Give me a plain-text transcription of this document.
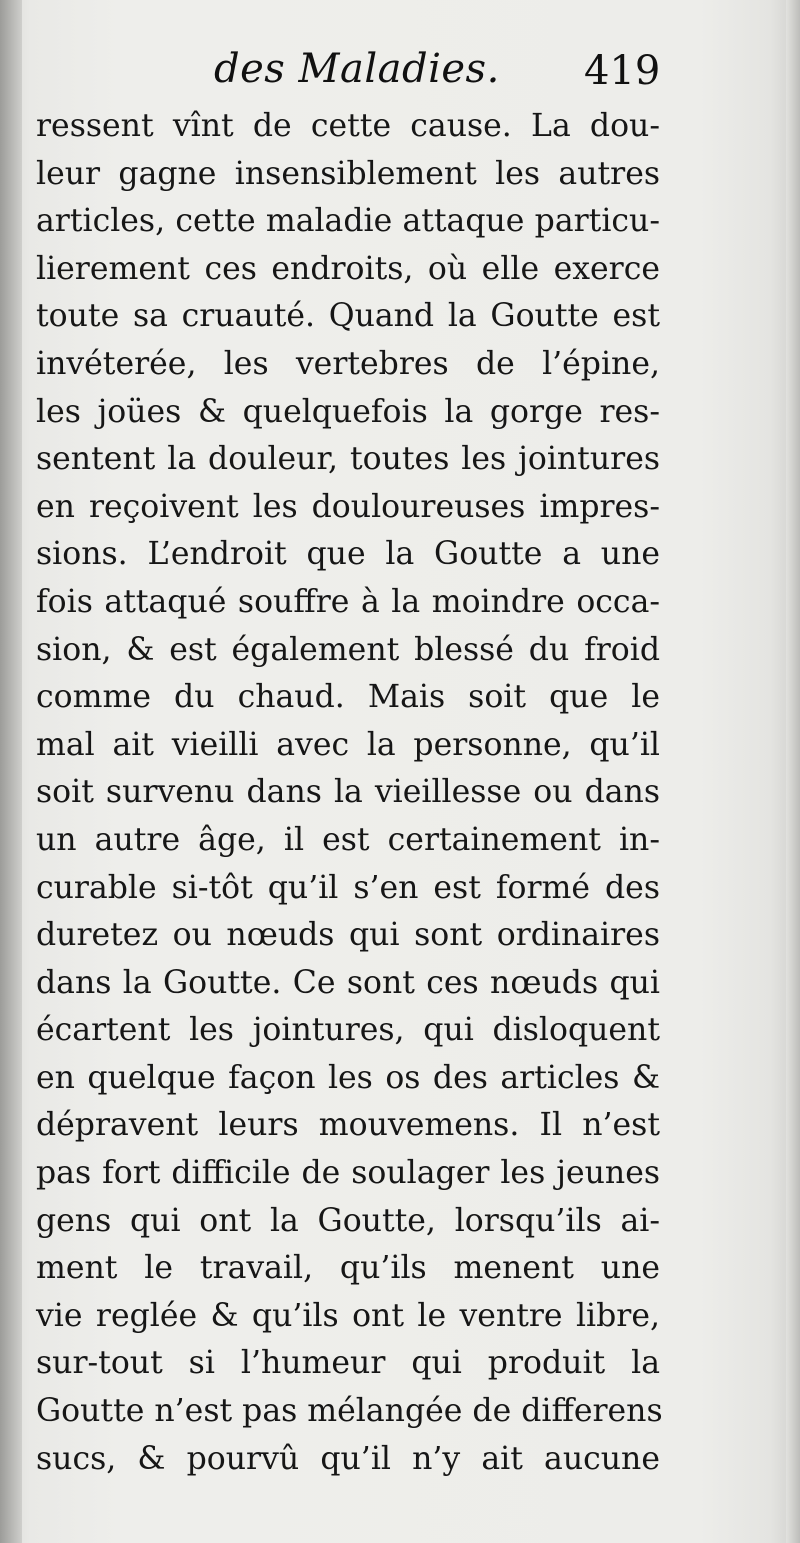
des Maladies. 419
ressent vînt de cette cause. La dou-
leur gagne insensiblement les autres
articles, cette maladie attaque particu-
lierement ces endroits, où elle exerce
toute sa cruauté. Quand la Goutte est
invéterée, les vertebres de l’épine,
les joües & quelquefois la gorge res-
sentent la douleur, toutes les jointures
en reçoivent les douloureuses impres-
sions. L’endroit que la Goutte a une
fois attaqué souffre à la moindre occa-
sion, & est également blessé du froid
comme du chaud. Mais soit que le
mal ait vieilli avec la personne, qu’il
soit survenu dans la vieillesse ou dans
un autre âge, il est certainement in-
curable si-tôt qu’il s’en est formé des
duretez ou nœuds qui sont ordinaires
dans la Goutte. Ce sont ces nœuds qui
écartent les jointures, qui disloquent
en quelque façon les os des articles &
dépravent leurs mouvemens. Il n’est
pas fort difficile de soulager les jeunes
gens qui ont la Goutte, lorsqu’ils ai-
ment le travail, qu’ils menent une
vie reglée & qu’ils ont le ventre libre,
sur-tout si l’humeur qui produit la
Goutte n’est pas mélangée de differens
sucs, & pourvû qu’il n’y ait aucune
